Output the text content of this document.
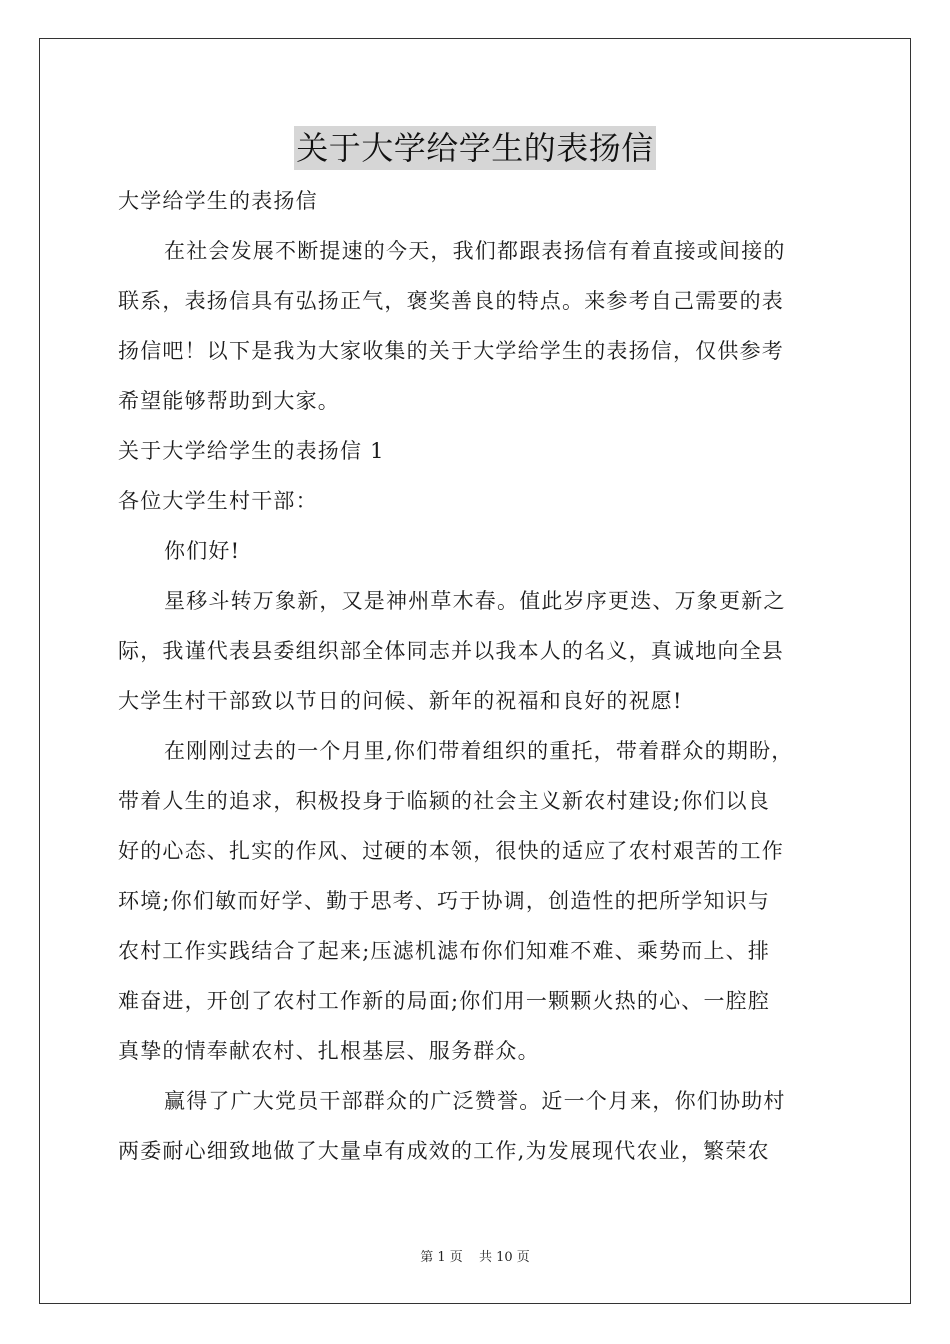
关于大学给学生的表扬信
大学给学生的表扬信
在社会发展不断提速的今天，我们都跟表扬信有着直接或间接的
联系，表扬信具有弘扬正气，褒奖善良的特点。来参考自己需要的表
扬信吧！以下是我为大家收集的关于大学给学生的表扬信，仅供参考
希望能够帮助到大家。
关于大学给学生的表扬信 1
各位大学生村干部：
你们好!
星移斗转万象新，又是神州草木春。值此岁序更迭、万象更新之
际，我谨代表县委组织部全体同志并以我本人的名义，真诚地向全县
大学生村干部致以节日的问候、新年的祝福和良好的祝愿!
在刚刚过去的一个月里,你们带着组织的重托，带着群众的期盼，
带着人生的追求，积极投身于临颍的社会主义新农村建设;你们以良
好的心态、扎实的作风、过硬的本领，很快的适应了农村艰苦的工作
环境;你们敏而好学、勤于思考、巧于协调，创造性的把所学知识与
农村工作实践结合了起来;压滤机滤布你们知难不难、乘势而上、排
难奋进，开创了农村工作新的局面;你们用一颗颗火热的心、一腔腔
真挚的情奉献农村、扎根基层、服务群众。
赢得了广大党员干部群众的广泛赞誉。近一个月来，你们协助村
两委耐心细致地做了大量卓有成效的工作,为发展现代农业，繁荣农
第 1 页 共 10 页
